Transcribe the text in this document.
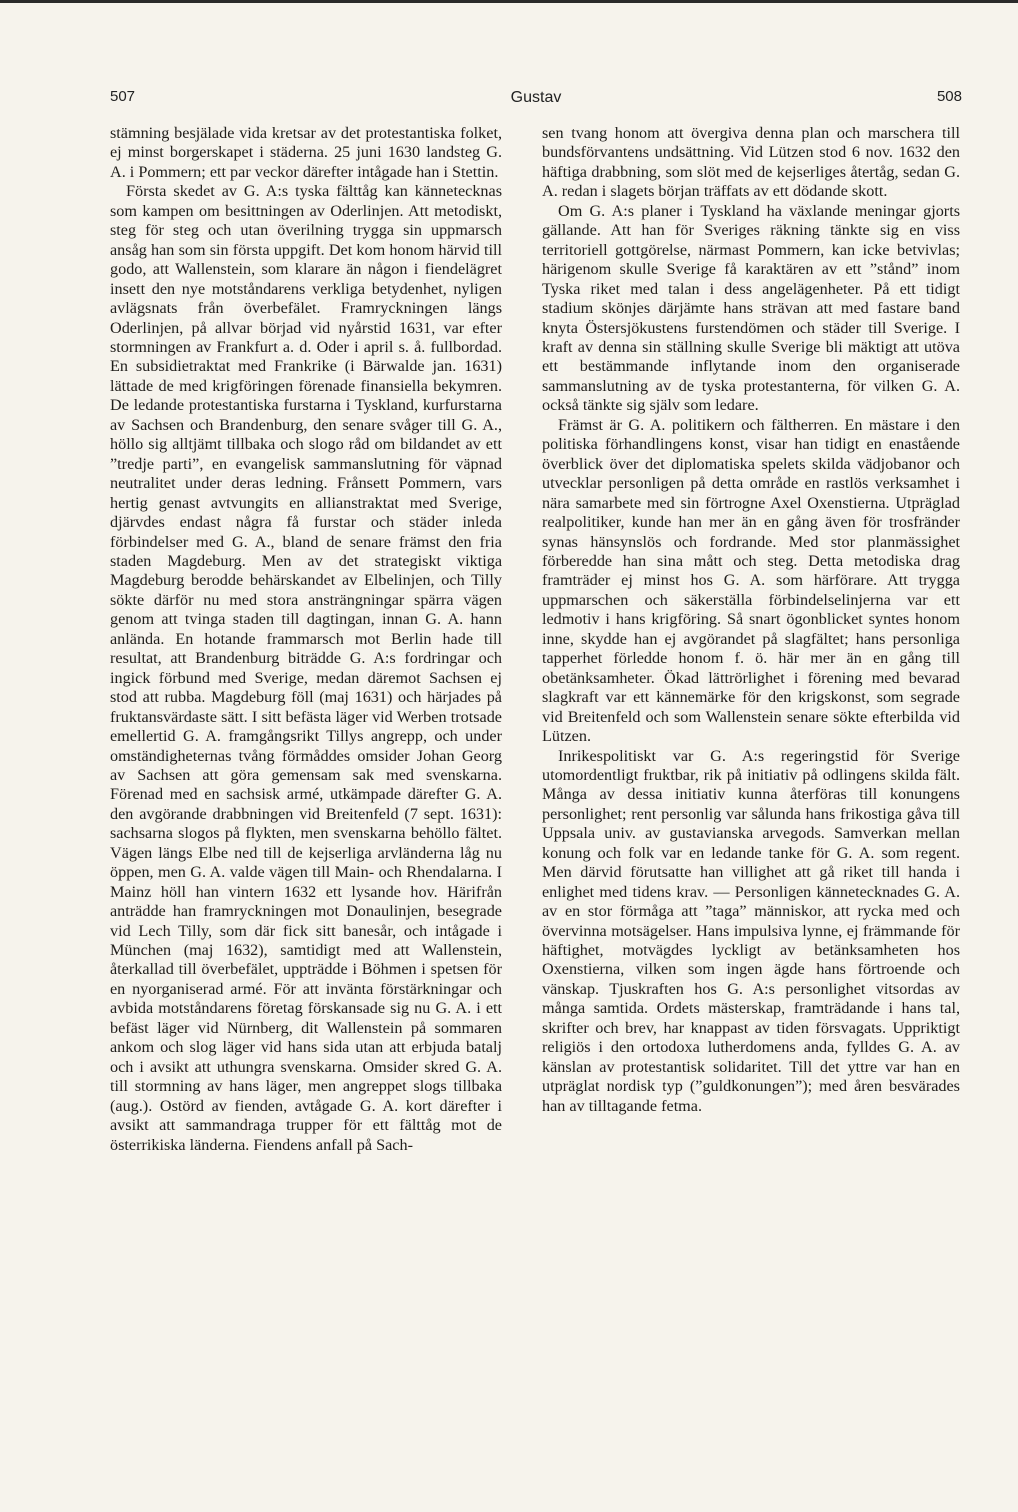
507	Gustav	508

stämning besjälade vida kretsar av det protestantiska folket, ej minst borgerskapet i städerna. 25 juni 1630 landsteg G. A. i Pommern; ett par veckor därefter intågade han i Stettin.

Första skedet av G. A:s tyska fälttåg kan kännetecknas som kampen om besittningen av Oderlinjen. Att metodiskt, steg för steg och utan överilning trygga sin uppmarsch ansåg han som sin första uppgift. Det kom honom härvid till godo, att Wallenstein, som klarare än någon i fiendelägret insett den nye motståndarens verkliga betydenhet, nyligen avlägsnats från överbefälet. Framryckningen längs Oderlinjen, på allvar börjad vid nyårstid 1631, var efter stormningen av Frankfurt a. d. Oder i april s. å. fullbordad. En subsidietraktat med Frankrike (i Bärwalde jan. 1631) lättade de med krigföringen förenade finansiella bekymren. De ledande protestantiska furstarna i Tyskland, kurfurstarna av Sachsen och Brandenburg, den senare svåger till G. A., höllo sig alltjämt tillbaka och slogo råd om bildandet av ett ”tredje parti”, en evangelisk sammanslutning för väpnad neutralitet under deras ledning. Frånsett Pommern, vars hertig genast avtvungits en allianstraktat med Sverige, djärvdes endast några få furstar och städer inleda förbindelser med G. A., bland de senare främst den fria staden Magdeburg. Men av det strategiskt viktiga Magdeburg berodde behärskandet av Elbelinjen, och Tilly sökte därför nu med stora ansträngningar spärra vägen genom att tvinga staden till dagtingan, innan G. A. hann anlända. En hotande frammarsch mot Berlin hade till resultat, att Brandenburg biträdde G. A:s fordringar och ingick förbund med Sverige, medan däremot Sachsen ej stod att rubba. Magdeburg föll (maj 1631) och härjades på fruktansvärdaste sätt. I sitt befästa läger vid Werben trotsade emellertid G. A. framgångsrikt Tillys angrepp, och under omständigheternas tvång förmåddes omsider Johan Georg av Sachsen att göra gemensam sak med svenskarna. Förenad med en sachsisk armé, utkämpade därefter G. A. den avgörande drabbningen vid Breitenfeld (7 sept. 1631): sachsarna slogos på flykten, men svenskarna behöllo fältet. Vägen längs Elbe ned till de kejserliga arvländerna låg nu öppen, men G. A. valde vägen till Main- och Rhendalarna. I Mainz höll han vintern 1632 ett lysande hov. Härifrån anträdde han framryckningen mot Donaulinjen, besegrade vid Lech Tilly, som där fick sitt banesår, och intågade i München (maj 1632), samtidigt med att Wallenstein, återkallad till överbefälet, uppträdde i Böhmen i spetsen för en nyorganiserad armé. För att invänta förstärkningar och avbida motståndarens företag förskansade sig nu G. A. i ett befäst läger vid Nürnberg, dit Wallenstein på sommaren ankom och slog läger vid hans sida utan att erbjuda batalj och i avsikt att uthungra svenskarna. Omsider skred G. A. till stormning av hans läger, men angreppet slogs tillbaka (aug.). Ostörd av fienden, avtågade G. A. kort därefter i avsikt att sammandraga trupper för ett fälttåg mot de österrikiska länderna. Fiendens anfall på Sach-

sen tvang honom att övergiva denna plan och marschera till bundsförvantens undsättning. Vid Lützen stod 6 nov. 1632 den häftiga drabbning, som slöt med de kejserliges återtåg, sedan G. A. redan i slagets början träffats av ett dödande skott.

Om G. A:s planer i Tyskland ha växlande meningar gjorts gällande. Att han för Sveriges räkning tänkte sig en viss territoriell gottgörelse, närmast Pommern, kan icke betvivlas; härigenom skulle Sverige få karaktären av ett ”stånd” inom Tyska riket med talan i dess angelägenheter. På ett tidigt stadium skönjes därjämte hans strävan att med fastare band knyta Östersjökustens furstendömen och städer till Sverige. I kraft av denna sin ställning skulle Sverige bli mäktigt att utöva ett bestämmande inflytande inom den organiserade sammanslutning av de tyska protestanterna, för vilken G. A. också tänkte sig själv som ledare.

Främst är G. A. politikern och fältherren. En mästare i den politiska förhandlingens konst, visar han tidigt en enastående överblick över det diplomatiska spelets skilda vädjobanor och utvecklar personligen på detta område en rastlös verksamhet i nära samarbete med sin förtrogne Axel Oxenstierna. Utpräglad realpolitiker, kunde han mer än en gång även för trosfränder synas hänsynslös och fordrande. Med stor planmässighet förberedde han sina mått och steg. Detta metodiska drag framträder ej minst hos G. A. som härförare. Att trygga uppmarschen och säkerställa förbindelselinjerna var ett ledmotiv i hans krigföring. Så snart ögonblicket syntes honom inne, skydde han ej avgörandet på slagfältet; hans personliga tapperhet förledde honom f. ö. här mer än en gång till obetänksamheter. Ökad lättrörlighet i förening med bevarad slagkraft var ett kännemärke för den krigskonst, som segrade vid Breitenfeld och som Wallenstein senare sökte efterbilda vid Lützen.

Inrikespolitiskt var G. A:s regeringstid för Sverige utomordentligt fruktbar, rik på initiativ på odlingens skilda fält. Många av dessa initiativ kunna återföras till konungens personlighet; rent personlig var sålunda hans frikostiga gåva till Uppsala univ. av gustavianska arvegods. Samverkan mellan konung och folk var en ledande tanke för G. A. som regent. Men därvid förutsatte han villighet att gå riket till handa i enlighet med tidens krav. — Personligen kännetecknades G. A. av en stor förmåga att ”taga” människor, att rycka med och övervinna motsägelser. Hans impulsiva lynne, ej främmande för häftighet, motvägdes lyckligt av betänksamheten hos Oxenstierna, vilken som ingen ägde hans förtroende och vänskap. Tjuskraften hos G. A:s personlighet vitsordas av många samtida. Ordets mästerskap, framträdande i hans tal, skrifter och brev, har knappast av tiden försvagats. Uppriktigt religiös i den ortodoxa lutherdomens anda, fylldes G. A. av känslan av protestantisk solidaritet. Till det yttre var han en utpräglat nordisk typ (”guldkonungen”); med åren besvärades han av tilltagande fetma.
